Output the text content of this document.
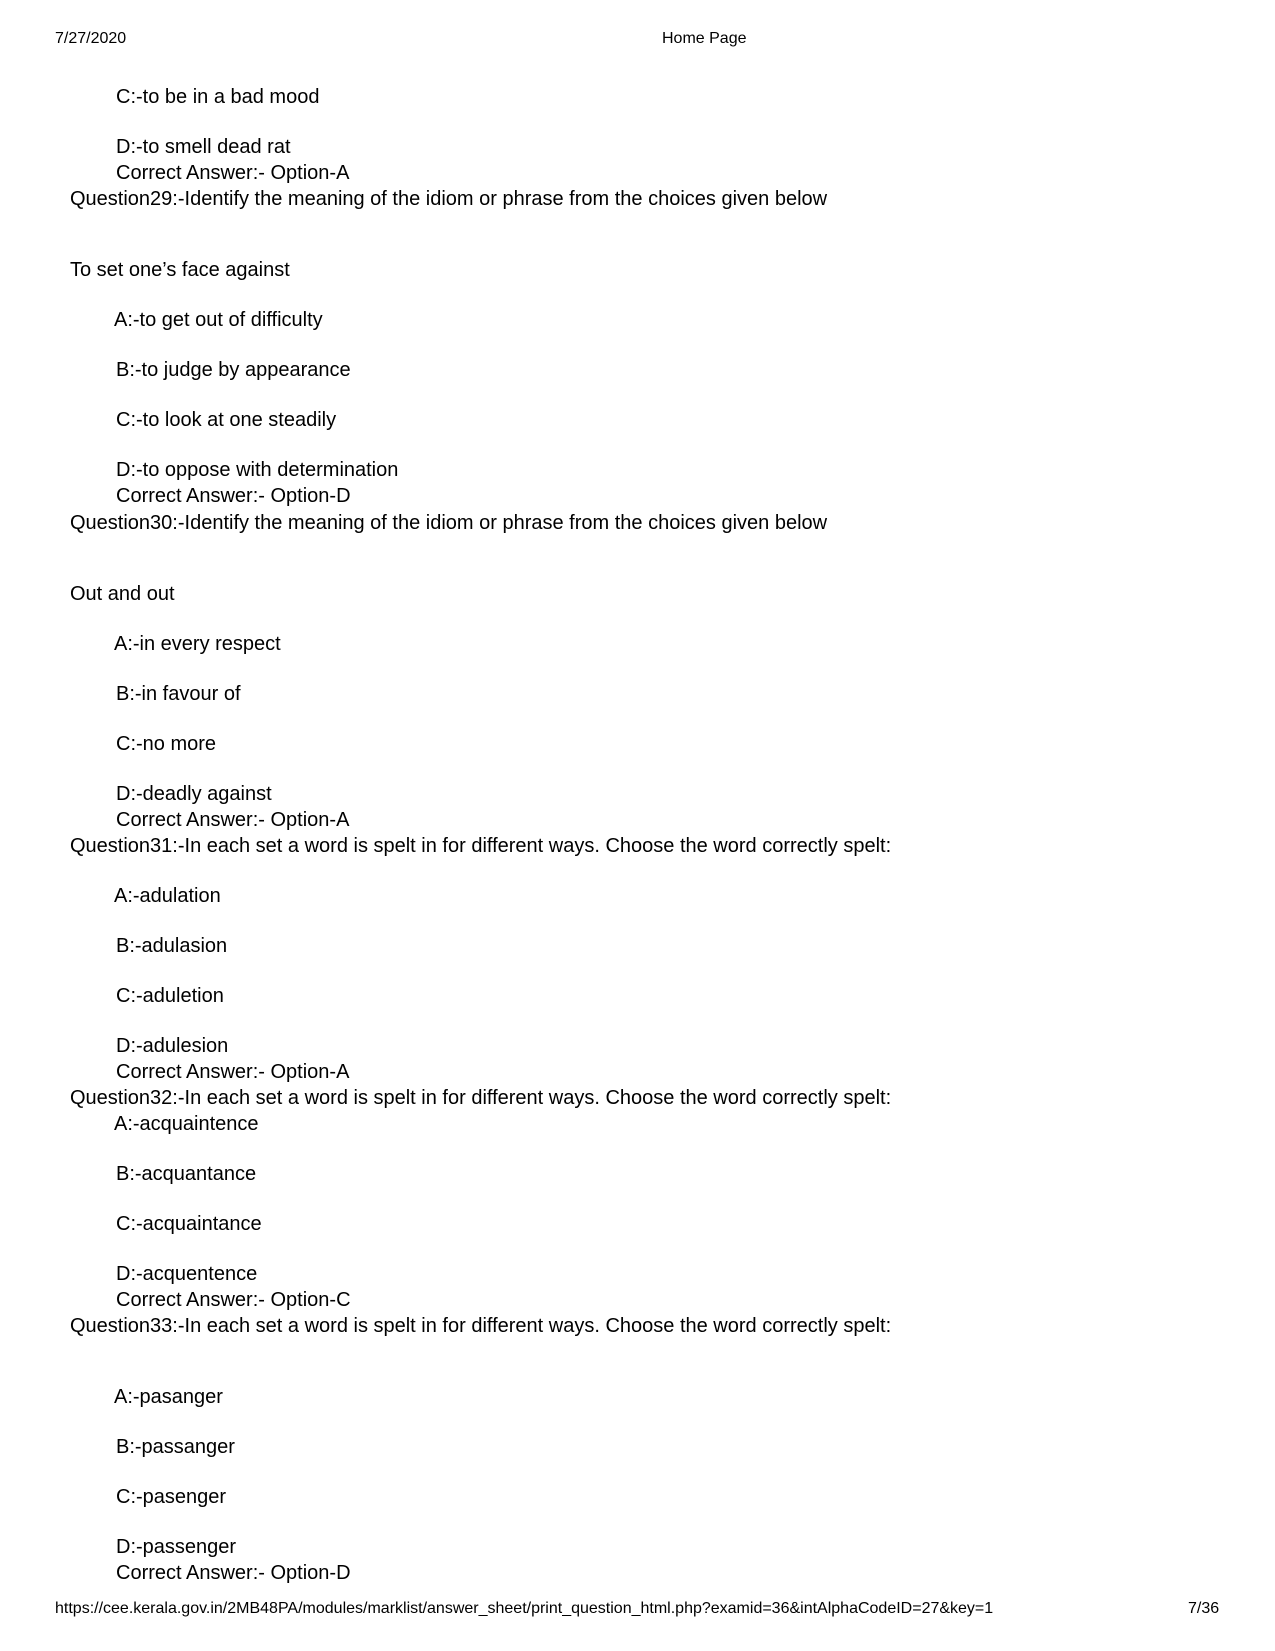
7/27/2020	Home Page
C:-to be in a bad mood
D:-to smell dead rat
Correct Answer:- Option-A
Question29:-Identify the meaning of the idiom or phrase from the choices given below
To set one’s face against
A:-to get out of difficulty
B:-to judge by appearance
C:-to look at one steadily
D:-to oppose with determination
Correct Answer:- Option-D
Question30:-Identify the meaning of the idiom or phrase from the choices given below
Out and out
A:-in every respect
B:-in favour of
C:-no more
D:-deadly against
Correct Answer:- Option-A
Question31:-In each set a word is spelt in for different ways. Choose the word correctly spelt:
A:-adulation
B:-adulasion
C:-aduletion
D:-adulesion
Correct Answer:- Option-A
Question32:-In each set a word is spelt in for different ways. Choose the word correctly spelt:
A:-acquaintence
B:-acquantance
C:-acquaintance
D:-acquentence
Correct Answer:- Option-C
Question33:-In each set a word is spelt in for different ways. Choose the word correctly spelt:
A:-pasanger
B:-passanger
C:-pasenger
D:-passenger
Correct Answer:- Option-D
https://cee.kerala.gov.in/2MB48PA/modules/marklist/answer_sheet/print_question_html.php?examid=36&intAlphaCodeID=27&key=1	7/36
